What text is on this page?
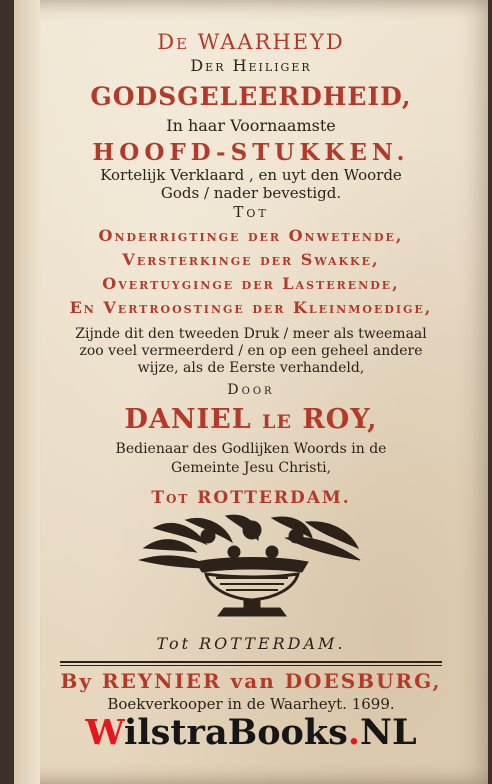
De WAARHEYD
Der Heiliger
GODSGELEERDHEID,
In haar Voornaamste
HOOFD-STUKKEN.
Kortelijk Verklaard , en uyt den Woorde
Gods / nader bevestigd.
Tot
Onderrigtinge der Onwetende,
Versterkinge der Swakke,
Overtuyginge der Lasterende,
En Vertroostinge der Kleinmoedige,
Zijnde dit den tweeden Druk / meer als tweemaal
zoo veel vermeerderd / en op een geheel andere
wijze, als de Eerste verhandeld,
Door
DANIEL le ROY,
Bedienaar des Godlijken Woords in de
Gemeinte Jesu Christi,
Tot ROTTERDAM.
Tot ROTTERDAM.
By REYNIER van DOESBURG,
Boekverkooper in de Waarheyt. 1699.
WilstraBooks.NL
